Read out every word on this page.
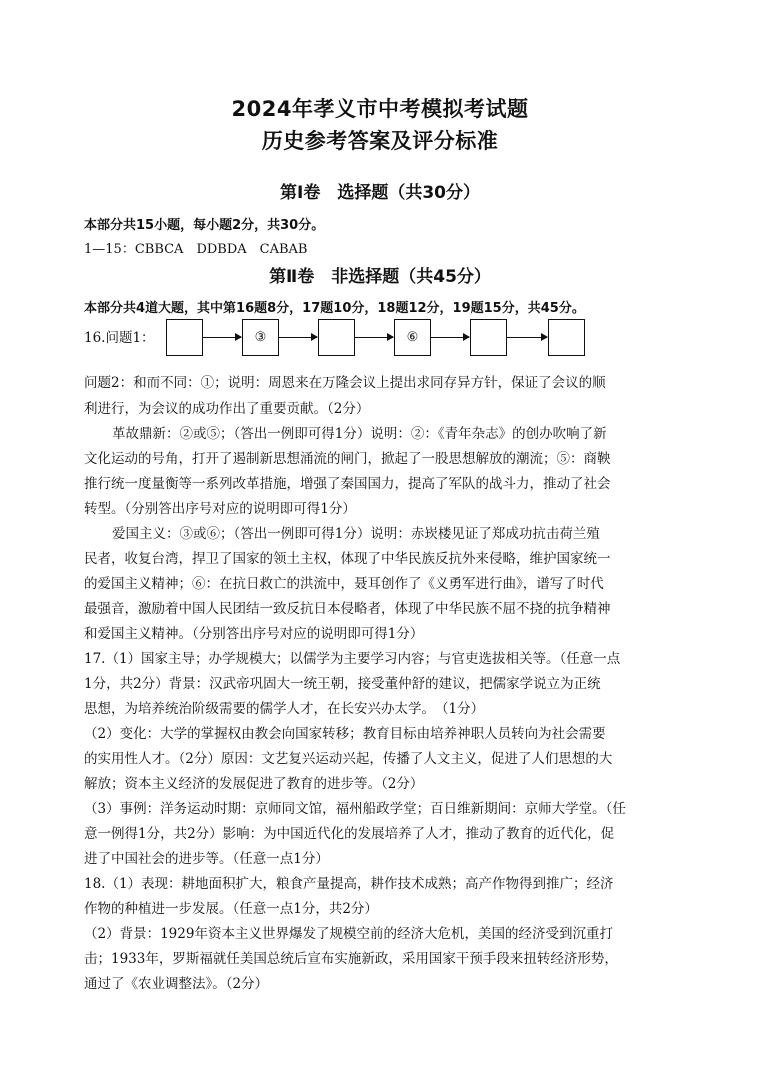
2024年孝义市中考模拟考试题
历史参考答案及评分标准
第Ⅰ卷　选择题（共30分）
本部分共15小题，每小题2分，共30分。
1—15：CBBCA　DDBDA　CABAB
第Ⅱ卷　非选择题（共45分）
本部分共4道大题，其中第16题8分，17题10分，18题12分，19题15分，共45分。
16.问题1：	③	⑥
问题2：和而不同：①；说明：周恩来在万隆会议上提出求同存异方针，保证了会议的顺
利进行，为会议的成功作出了重要贡献。（2分）
革故鼎新：②或⑤；（答出一例即可得1分）说明：②：《青年杂志》的创办吹响了新
文化运动的号角，打开了遏制新思想涌流的闸门，掀起了一股思想解放的潮流；⑤：商鞅
推行统一度量衡等一系列改革措施，增强了秦国国力，提高了军队的战斗力，推动了社会
转型。（分别答出序号对应的说明即可得1分）
爱国主义：③或⑥；（答出一例即可得1分）说明：赤崁楼见证了郑成功抗击荷兰殖
民者，收复台湾，捍卫了国家的领土主权，体现了中华民族反抗外来侵略，维护国家统一
的爱国主义精神；⑥：在抗日救亡的洪流中，聂耳创作了《义勇军进行曲》，谱写了时代
最强音，激励着中国人民团结一致反抗日本侵略者，体现了中华民族不屈不挠的抗争精神
和爱国主义精神。（分别答出序号对应的说明即可得1分）
17.（1）国家主导；办学规模大；以儒学为主要学习内容；与官吏选拔相关等。（任意一点
1分，共2分）背景：汉武帝巩固大一统王朝，接受董仲舒的建议，把儒家学说立为正统
思想，为培养统治阶级需要的儒学人才，在长安兴办太学。　（1分）
（2）变化：大学的掌握权由教会向国家转移；教育目标由培养神职人员转向为社会需要
的实用性人才。（2分）原因：文艺复兴运动兴起，传播了人文主义，促进了人们思想的大
解放；资本主义经济的发展促进了教育的进步等。（2分）
（3）事例：洋务运动时期：京师同文馆，福州船政学堂；百日维新期间：京师大学堂。（任
意一例得1分，共2分）影响：为中国近代化的发展培养了人才，推动了教育的近代化，促
进了中国社会的进步等。（任意一点1分）
18.（1）表现：耕地面积扩大，粮食产量提高，耕作技术成熟；高产作物得到推广；经济
作物的种植进一步发展。（任意一点1分，共2分）
（2）背景：1929年资本主义世界爆发了规模空前的经济大危机，美国的经济受到沉重打
击；1933年，罗斯福就任美国总统后宣布实施新政，采用国家干预手段来扭转经济形势，
通过了《农业调整法》。（2分）
